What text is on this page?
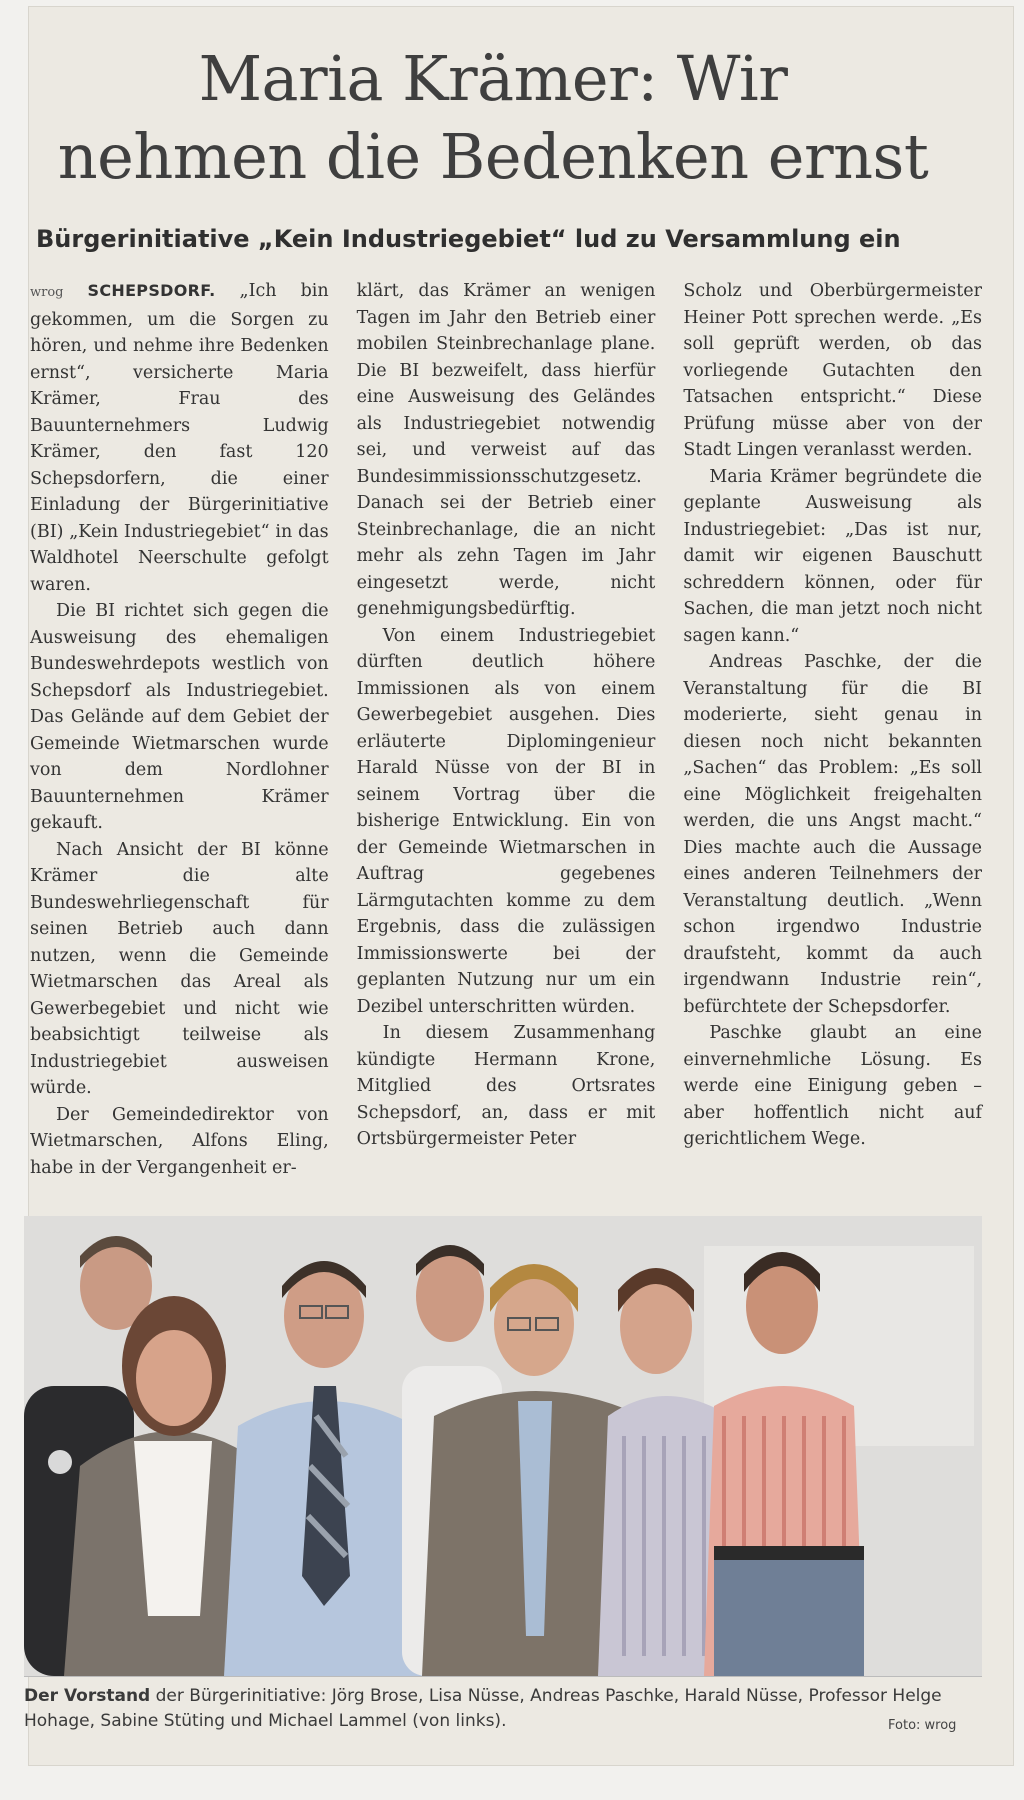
Maria Krämer: Wir
nehmen die Bedenken ernst
Bürgerinitiative „Kein Industriegebiet“ lud zu Versammlung ein

wrog SCHEPSDORF. „Ich bin gekommen, um die Sorgen zu hören, und nehme ihre Bedenken ernst“, versicherte Maria Krämer, Frau des Bauunternehmers Ludwig Krämer, den fast 120 Schepsdorfern, die einer Einladung der Bürgerinitiative (BI) „Kein Industriegebiet“ in das Waldhotel Neerschulte gefolgt waren.

Die BI richtet sich gegen die Ausweisung des ehemaligen Bundeswehrdepots westlich von Schepsdorf als Industriegebiet. Das Gelände auf dem Gebiet der Gemeinde Wietmarschen wurde von dem Nordlohner Bauunternehmen Krämer gekauft.

Nach Ansicht der BI könne Krämer die alte Bundeswehrliegenschaft für seinen Betrieb auch dann nutzen, wenn die Gemeinde Wietmarschen das Areal als Gewerbegebiet und nicht wie beabsichtigt teilweise als Industriegebiet ausweisen würde.

Der Gemeindedirektor von Wietmarschen, Alfons Eling, habe in der Vergangenheit er-

klärt, das Krämer an wenigen Tagen im Jahr den Betrieb einer mobilen Steinbrechanlage plane. Die BI bezweifelt, dass hierfür eine Ausweisung des Geländes als Industriegebiet notwendig sei, und verweist auf das Bundesimmissionsschutzgesetz. Danach sei der Betrieb einer Steinbrechanlage, die an nicht mehr als zehn Tagen im Jahr eingesetzt werde, nicht genehmigungsbedürftig.

Von einem Industriegebiet dürften deutlich höhere Immissionen als von einem Gewerbegebiet ausgehen. Dies erläuterte Diplomingenieur Harald Nüsse von der BI in seinem Vortrag über die bisherige Entwicklung. Ein von der Gemeinde Wietmarschen in Auftrag gegebenes Lärmgutachten komme zu dem Ergebnis, dass die zulässigen Immissionswerte bei der geplanten Nutzung nur um ein Dezibel unterschritten würden.

In diesem Zusammenhang kündigte Hermann Krone, Mitglied des Ortsrates Schepsdorf, an, dass er mit Ortsbürgermeister Peter

Scholz und Oberbürgermeister Heiner Pott sprechen werde. „Es soll geprüft werden, ob das vorliegende Gutachten den Tatsachen entspricht.“ Diese Prüfung müsse aber von der Stadt Lingen veranlasst werden.

Maria Krämer begründete die geplante Ausweisung als Industriegebiet: „Das ist nur, damit wir eigenen Bauschutt schreddern können, oder für Sachen, die man jetzt noch nicht sagen kann.“

Andreas Paschke, der die Veranstaltung für die BI moderierte, sieht genau in diesen noch nicht bekannten „Sachen“ das Problem: „Es soll eine Möglichkeit freigehalten werden, die uns Angst macht.“ Dies machte auch die Aussage eines anderen Teilnehmers der Veranstaltung deutlich. „Wenn schon irgendwo Industrie draufsteht, kommt da auch irgendwann Industrie rein“, befürchtete der Schepsdorfer.

Paschke glaubt an eine einvernehmliche Lösung. Es werde eine Einigung geben – aber hoffentlich nicht auf gerichtlichem Wege.

Der Vorstand der Bürgerinitiative: Jörg Brose, Lisa Nüsse, Andreas Paschke, Harald Nüsse, Professor Helge Hohage, Sabine Stüting und Michael Lammel (von links).	Foto: wrog
